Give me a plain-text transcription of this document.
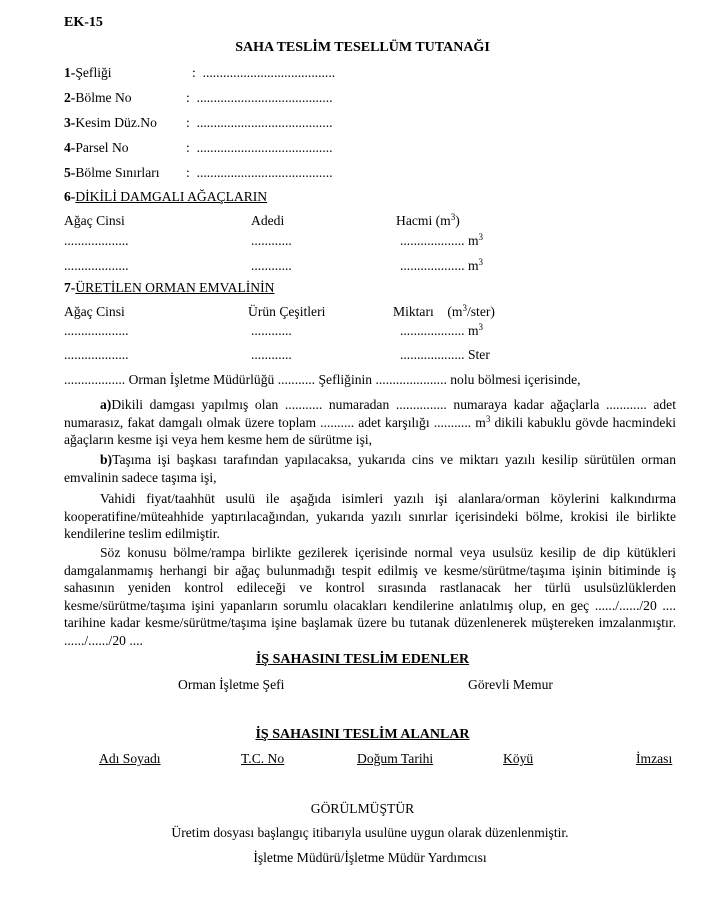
EK-15
SAHA TESLİM TESELLÜM TUTANAĞI
1-Şefliği	: .......................................
2-Bölme No	: ........................................
3-Kesim Düz.No : ........................................
4-Parsel No	: ........................................
5-Bölme Sınırları : ........................................
6-DİKİLİ DAMGALI AĞAÇLARIN
Ağaç Cinsi	Adedi	Hacmi $(m^3)$
...................	............	................... $m^3$
...................	............	................... $m^3$
7-ÜRETİLEN ORMAN EMVALİNİN
Ağaç Cinsi	Ürün Çeşitleri	Miktarı $(m^3/ster)$
...................	............	................... $m^3$
...................	............	................... Ster
.................. Orman İşletme Müdürlüğü ........... Şefliğinin ..................... nolu bölmesi içerisinde,
a)Dikili damgası yapılmış olan ........... numaradan ............... numaraya kadar ağaçlarla ............ adet numarasız, fakat damgalı olmak üzere toplam .......... adet karşılığı ........... $m^3$ dikili kabuklu gövde hacmindeki ağaçların kesme işi veya hem kesme hem de sürütme işi,
b)Taşıma işi başkası tarafından yapılacaksa, yukarıda cins ve miktarı yazılı kesilip sürütülen orman emvalinin sadece taşıma işi,
Vahidi fiyat/taahhüt usulü ile aşağıda isimleri yazılı işi alanlara/orman köylerini kalkındırma kooperatifine/müteahhide yaptırılacağından, yukarıda yazılı sınırlar içerisindeki bölme, krokisi ile birlikte kendilerine teslim edilmiştir.
Söz konusu bölme/rampa birlikte gezilerek içerisinde normal veya usulsüz kesilip de dip kütükleri damgalanmamış herhangi bir ağaç bulunmadığı tespit edilmiş ve kesme/sürütme/taşıma işinin bitiminde iş sahasının yeniden kontrol edileceği ve kontrol sırasında rastlanacak her türlü usulsüzlüklerden kesme/sürütme/taşıma işini yapanların sorumlu olacakları kendilerine anlatılmış olup, en geç ....../....../20 .... tarihine kadar kesme/sürütme/taşıma işine başlamak üzere bu tutanak düzenlenerek müştereken imzalanmıştır. ....../....../20 ....
İŞ SAHASINI TESLİM EDENLER
Orman İşletme Şefi	Görevli Memur
İŞ SAHASINI TESLİM ALANLAR
Adı Soyadı	T.C. No	Doğum Tarihi	Köyü	İmzası
GÖRÜLMÜŞTÜR
Üretim dosyası başlangıç itibarıyla usulüne uygun olarak düzenlenmiştir.
İşletme Müdürü/İşletme Müdür Yardımcısı
